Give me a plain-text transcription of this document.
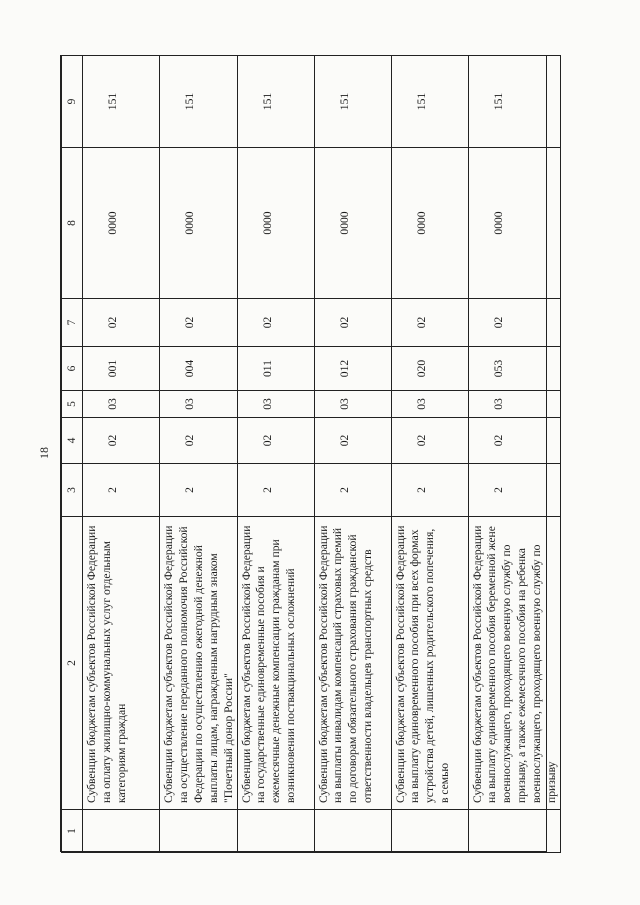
18
1	2	3	4	5	6	7	8	9
	Субвенции бюджетам субъектов Российской Федерации на оплату жилищно-коммунальных услуг отдельным категориям граждан	2	02	03	001	02	0000	151
	Субвенции бюджетам субъектов Российской Федерации на осуществление переданного полномочия Российской Федерации по осуществлению ежегодной денежной выплаты лицам, награжденным нагрудным знаком "Почетный донор России"	2	02	03	004	02	0000	151
	Субвенции бюджетам субъектов Российской Федерации на государственные единовременные пособия и ежемесячные денежные компенсации гражданам при возникновении поствакцинальных осложнений	2	02	03	011	02	0000	151
	Субвенции бюджетам субъектов Российской Федерации на выплаты инвалидам компенсаций страховых премий по договорам обязательного страхования гражданской ответственности владельцев транспортных средств	2	02	03	012	02	0000	151
	Субвенции бюджетам субъектов Российской Федерации на выплату единовременного пособия при всех формах устройства детей, лишенных родительского попечения, в семью	2	02	03	020	02	0000	151
	Субвенции бюджетам субъектов Российской Федерации на выплату единовременного пособия беременной жене военнослужащего, проходящего военную службу по призыву, а также ежемесячного пособия на ребенка военнослужащего, проходящего военную службу по призыву	2	02	03	053	02	0000	151
